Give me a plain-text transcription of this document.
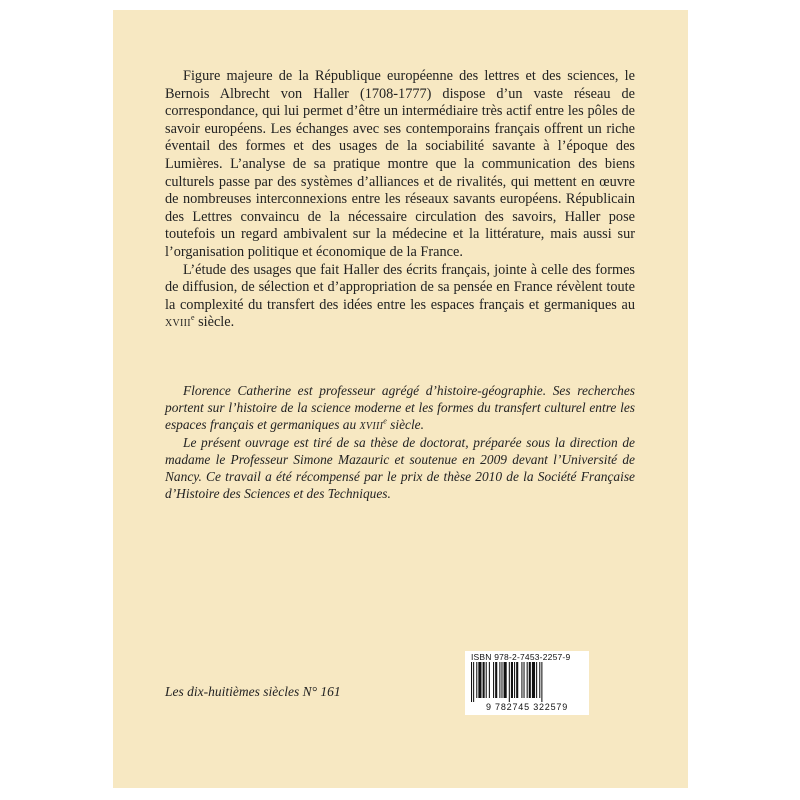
Figure majeure de la République européenne des lettres et des sciences, le Bernois Albrecht von Haller (1708-1777) dispose d’un vaste réseau de correspondance, qui lui permet d’être un intermédiaire très actif entre les pôles de savoir européens. Les échanges avec ses contemporains français offrent un riche éventail des formes et des usages de la sociabilité savante à l’époque des Lumières. L’analyse de sa pratique montre que la communication des biens culturels passe par des systèmes d’alliances et de rivalités, qui mettent en œuvre de nombreuses interconnexions entre les réseaux savants européens. Républicain des Lettres convaincu de la nécessaire circulation des savoirs, Haller pose toutefois un regard ambivalent sur la médecine et la littérature, mais aussi sur l’organisation politique et économique de la France.

L’étude des usages que fait Haller des écrits français, jointe à celle des formes de diffusion, de sélection et d’appropriation de sa pensée en France révèlent toute la complexité du transfert des idées entre les espaces français et germaniques au XVIIIe siècle.

Florence Catherine est professeur agrégé d’histoire-géographie. Ses recherches portent sur l’histoire de la science moderne et les formes du transfert culturel entre les espaces français et germaniques au XVIIIe siècle.

Le présent ouvrage est tiré de sa thèse de doctorat, préparée sous la direction de madame le Professeur Simone Mazauric et soutenue en 2009 devant l’Université de Nancy. Ce travail a été récompensé par le prix de thèse 2010 de la Société Française d’Histoire des Sciences et des Techniques.

Les dix-huitièmes siècles N° 161
ISBN 978-2-7453-2257-9
9 782745 322579
